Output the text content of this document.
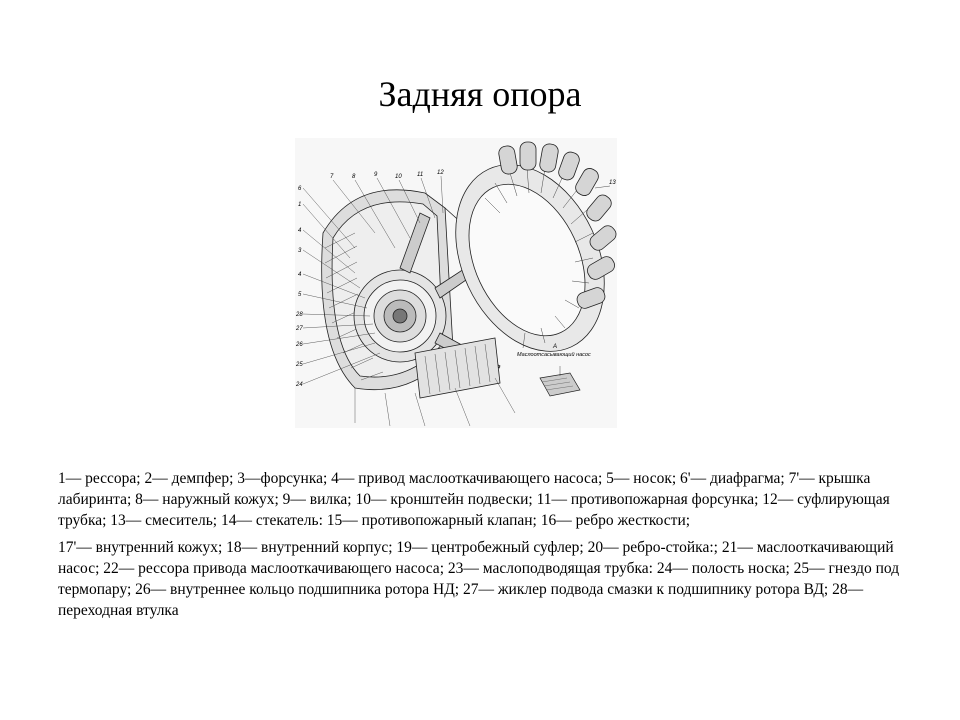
Задняя опора
А
Маслоотсасывающий насос
13
6
1
4
3
4
5
28
27
26
25
24
7	8	9	10	11 12

1— рессора; 2— демпфер; 3—форсунка; 4— привод маслооткачивающего насоса; 5— носок; 6'— диафрагма; 7'— крышка лабиринта; 8— наружный кожух; 9— вилка; 10— кронштейн подвески; 11— противопожарная форсунка; 12— суфлирующая трубка; 13— смеситель; 14— стекатель: 15— противопожарный клапан; 16— ребро жесткости;

17'— внутренний кожух; 18— внутренний корпус; 19— центробежный суфлер; 20— ребро-стойка:; 21— маслооткачивающий насос; 22— рессора привода маслооткачивающего насоса; 23— маслоподводящая трубка: 24— полость носка; 25— гнездо под термопару; 26— внутреннее кольцо подшипника ротора НД; 27— жиклер подвода смазки к подшипнику ротора ВД; 28— переходная втулка
